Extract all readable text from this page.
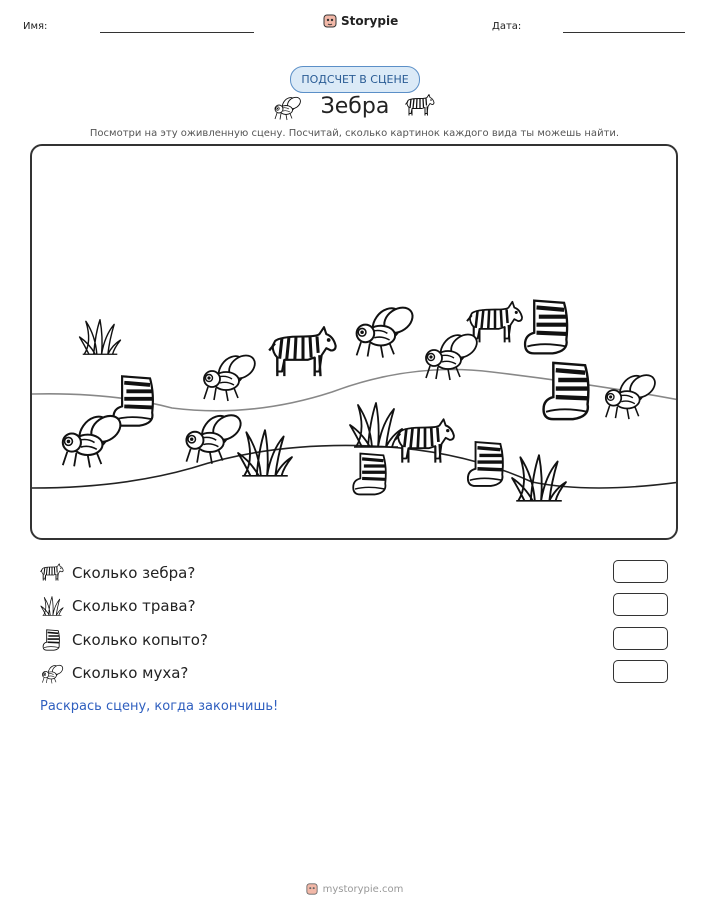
Имя:	Storypie	Дата:
ПОДСЧЕТ В СЦЕНЕ
Зебра
Посмотри на эту оживленную сцену. Посчитай, сколько картинок каждого вида ты можешь найти.
Сколько зебра?
Сколько трава?
Сколько копыто?
Сколько муха?
Раскрась сцену, когда закончишь!
mystorypie.com
